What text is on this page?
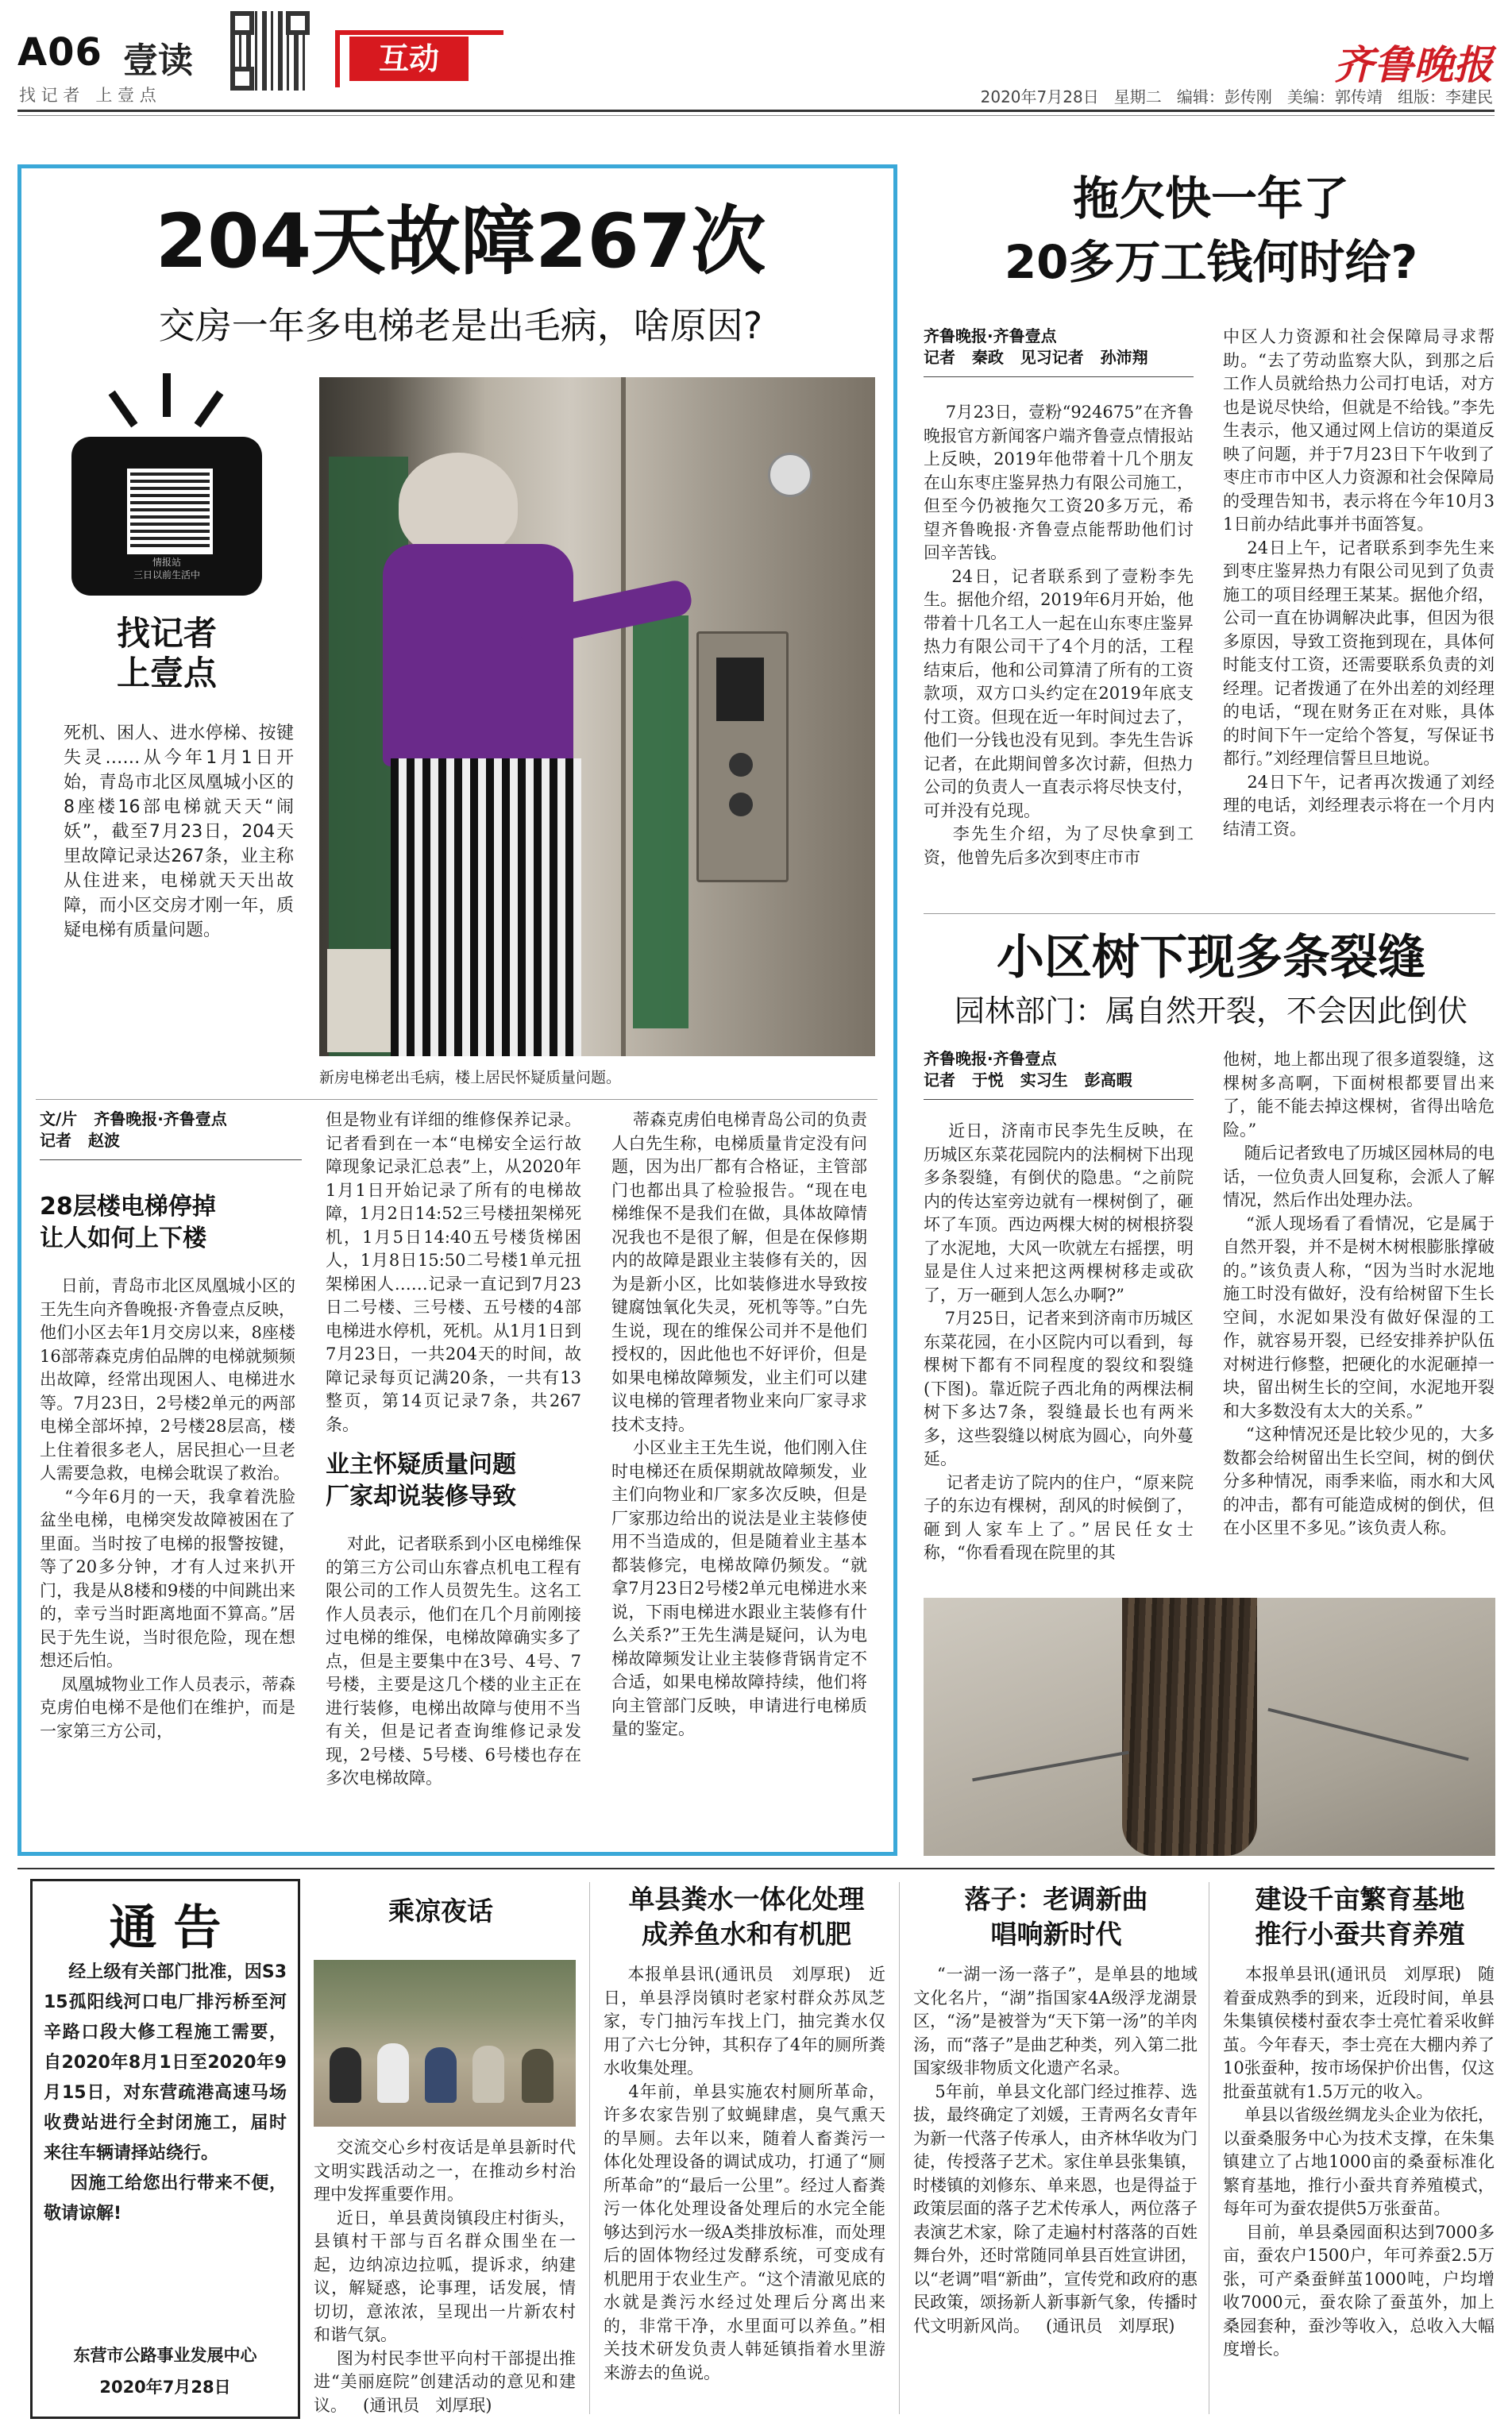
A06 壹读
找 记 者   上 壹 点
互动	齐鲁晚报
2020年7月28日   星期二   编辑：彭传刚   美编：郭传靖   组版：李建民
204天故障267次
交房一年多电梯老是出毛病，啥原因?
情报站
三日以前生活中
找记者
上壹点
死机、困人、进水停梯、按键失灵……从今年1月1日开始，青岛市北区凤凰城小区的8座楼16部电梯就天天“闹妖”，截至7月23日，204天里故障记录达267条，业主称从住进来，电梯就天天出故障，而小区交房才刚一年，质疑电梯有质量问题。
新房电梯老出毛病，楼上居民怀疑质量问题。
文/片   齐鲁晚报·齐鲁壹点
记者   赵波
28层楼电梯停掉
让人如何上下楼
日前，青岛市北区凤凰城小区的王先生向齐鲁晚报·齐鲁壹点反映，他们小区去年1月交房以来，8座楼16部蒂森克虏伯品牌的电梯就频频出故障，经常出现困人、电梯进水等。7月23日，2号楼2单元的两部电梯全部坏掉，2号楼28层高，楼上住着很多老人，居民担心一旦老人需要急救，电梯会耽误了救治。
“今年6月的一天，我拿着洗脸盆坐电梯，电梯突发故障被困在了里面。当时按了电梯的报警按键，等了20多分钟，才有人过来扒开门，我是从8楼和9楼的中间跳出来的，幸亏当时距离地面不算高。”居民于先生说，当时很危险，现在想想还后怕。
凤凰城物业工作人员表示，蒂森克虏伯电梯不是他们在维护，而是一家第三方公司，
但是物业有详细的维修保养记录。记者看到在一本“电梯安全运行故障现象记录汇总表”上，从2020年1月1日开始记录了所有的电梯故障，1月2日14:52三号楼扭架梯死机，1月5日14:40五号楼货梯困人，1月8日15:50二号楼1单元扭架梯困人……记录一直记到7月23日二号楼、三号楼、五号楼的4部电梯进水停机，死机。从1月1日到7月23日，一共204天的时间，故障记录每页记满20条，一共有13整页，第14页记录7条，共267条。
业主怀疑质量问题
厂家却说装修导致
对此，记者联系到小区电梯维保的第三方公司山东睿点机电工程有限公司的工作人员贺先生。这名工作人员表示，他们在几个月前刚接过电梯的维保，电梯故障确实多了点，但是主要集中在3号、4号、7号楼，主要是这几个楼的业主正在进行装修，电梯出故障与使用不当有关，但是记者查询维修记录发现，2号楼、5号楼、6号楼也存在多次电梯故障。
蒂森克虏伯电梯青岛公司的负责人白先生称，电梯质量肯定没有问题，因为出厂都有合格证，主管部门也都出具了检验报告。“现在电梯维保不是我们在做，具体故障情况我也不是很了解，但是在保修期内的故障是跟业主装修有关的，因为是新小区，比如装修进水导致按键腐蚀氧化失灵，死机等等。”白先生说，现在的维保公司并不是他们授权的，因此他也不好评价，但是如果电梯故障频发，业主们可以建议电梯的管理者物业来向厂家寻求技术支持。
小区业主王先生说，他们刚入住时电梯还在质保期就故障频发，业主们向物业和厂家多次反映，但是厂家那边给出的说法是业主装修使用不当造成的，但是随着业主基本都装修完，电梯故障仍频发。“就拿7月23日2号楼2单元电梯进水来说，下雨电梯进水跟业主装修有什么关系?”王先生满是疑问，认为电梯故障频发让业主装修背锅肯定不合适，如果电梯故障持续，他们将向主管部门反映，申请进行电梯质量的鉴定。
拖欠快一年了
20多万工钱何时给?
齐鲁晚报·齐鲁壹点
记者   秦政   见习记者   孙沛翔
7月23日，壹粉“924675”在齐鲁晚报官方新闻客户端齐鲁壹点情报站上反映，2019年他带着十几个朋友在山东枣庄鉴昇热力有限公司施工，但至今仍被拖欠工资20多万元，希望齐鲁晚报·齐鲁壹点能帮助他们讨回辛苦钱。
24日，记者联系到了壹粉李先生。据他介绍，2019年6月开始，他带着十几名工人一起在山东枣庄鉴昇热力有限公司干了4个月的活，工程结束后，他和公司算清了所有的工资款项，双方口头约定在2019年底支付工资。但现在近一年时间过去了，他们一分钱也没有见到。李先生告诉记者，在此期间曾多次讨薪，但热力公司的负责人一直表示将尽快支付，可并没有兑现。
李先生介绍，为了尽快拿到工资，他曾先后多次到枣庄市市
中区人力资源和社会保障局寻求帮助。“去了劳动监察大队，到那之后工作人员就给热力公司打电话，对方也是说尽快给，但就是不给钱。”李先生表示，他又通过网上信访的渠道反映了问题，并于7月23日下午收到了枣庄市市中区人力资源和社会保障局的受理告知书，表示将在今年10月31日前办结此事并书面答复。
24日上午，记者联系到李先生来到枣庄鉴昇热力有限公司见到了负责施工的项目经理王某某。据他介绍，公司一直在协调解决此事，但因为很多原因，导致工资拖到现在，具体何时能支付工资，还需要联系负责的刘经理。记者拨通了在外出差的刘经理的电话，“现在财务正在对账，具体的时间下午一定给个答复，写保证书都行。”刘经理信誓旦旦地说。
24日下午，记者再次拨通了刘经理的电话，刘经理表示将在一个月内结清工资。
小区树下现多条裂缝
园林部门：属自然开裂，不会因此倒伏
齐鲁晚报·齐鲁壹点
记者   于悦   实习生   彭高暇
近日，济南市民李先生反映，在历城区东菜花园院内的法桐树下出现多条裂缝，有倒伏的隐患。“之前院内的传达室旁边就有一棵树倒了，砸坏了车顶。西边两棵大树的树根挤裂了水泥地，大风一吹就左右摇摆，明显是住人过来把这两棵树移走或砍了，万一砸到人怎么办啊?”
7月25日，记者来到济南市历城区东菜花园，在小区院内可以看到，每棵树下都有不同程度的裂纹和裂缝(下图)。靠近院子西北角的两棵法桐树下多达7条，裂缝最长也有两米多，这些裂缝以树底为圆心，向外蔓延。
记者走访了院内的住户，“原来院子的东边有棵树，刮风的时候倒了，砸到人家车上了。”居民任女士称，“你看看现在院里的其
他树，地上都出现了很多道裂缝，这棵树多高啊，下面树根都要冒出来了，能不能去掉这棵树，省得出啥危险。”
随后记者致电了历城区园林局的电话，一位负责人回复称，会派人了解情况，然后作出处理办法。
“派人现场看了看情况，它是属于自然开裂，并不是树木树根膨胀撑破的。”该负责人称，“因为当时水泥地施工时没有做好，没有给树留下生长空间，水泥如果没有做好保湿的工作，就容易开裂，已经安排养护队伍对树进行修整，把硬化的水泥砸掉一块，留出树生长的空间，水泥地开裂和大多数没有太大的关系。”
“这种情况还是比较少见的，大多数都会给树留出生长空间，树的倒伏分多种情况，雨季来临，雨水和大风的冲击，都有可能造成树的倒伏，但在小区里不多见。”该负责人称。
通 告
经上级有关部门批准，因S315孤阳线河口电厂排污桥至河辛路口段大修工程施工需要，自2020年8月1日至2020年9月15日，对东营疏港高速马场收费站进行全封闭施工，届时来往车辆请择站绕行。
因施工给您出行带来不便，敬请谅解!
东营市公路事业发展中心
2020年7月28日
乘凉夜话
交流交心乡村夜话是单县新时代文明实践活动之一，在推动乡村治理中发挥重要作用。
近日，单县黄岗镇段庄村街头，县镇村干部与百名群众围坐在一起，边纳凉边拉呱，提诉求，纳建议，解疑惑，论事理，话发展，情切切，意浓浓，呈现出一片新农村和谐气氛。
图为村民李世平向村干部提出推进“美丽庭院”创建活动的意见和建议。   (通讯员   刘厚珉)
单县粪水一体化处理
成养鱼水和有机肥
本报单县讯(通讯员   刘厚珉)   近日，单县浮岗镇时老家村群众苏凤芝家，专门抽污车找上门，抽完粪水仅用了六七分钟，其积存了4年的厕所粪水收集处理。
4年前，单县实施农村厕所革命，许多农家告别了蚊蝇肆虐，臭气熏天的旱厕。去年以来，随着人畜粪污一体化处理设备的调试成功，打通了“厕所革命”的“最后一公里”。经过人畜粪污一体化处理设备处理后的水完全能够达到污水一级A类排放标准，而处理后的固体物经过发酵系统，可变成有机肥用于农业生产。“这个清澈见底的水就是粪污水经过处理后分离出来的，非常干净，水里面可以养鱼。”相关技术研发负责人韩延镇指着水里游来游去的鱼说。
落子：老调新曲
唱响新时代
“一湖一汤一落子”，是单县的地域文化名片，“湖”指国家4A级浮龙湖景区，“汤”是被誉为“天下第一汤”的羊肉汤，而“落子”是曲艺种类，列入第二批国家级非物质文化遗产名录。
5年前，单县文化部门经过推荐、选拔，最终确定了刘媛，王青两名女青年为新一代落子传承人，由齐林华收为门徒，传授落子艺术。家住单县张集镇，时楼镇的刘修东、单来恩，也是得益于政策层面的落子艺术传承人，两位落子表演艺术家，除了走遍村村落落的百姓舞台外，还时常随同单县百姓宣讲团，以“老调”唱“新曲”，宣传党和政府的惠民政策，颂扬新人新事新气象，传播时代文明新风尚。   (通讯员   刘厚珉)
建设千亩繁育基地
推行小蚕共育养殖
本报单县讯(通讯员   刘厚珉)   随着蚕成熟季的到来，近段时间，单县朱集镇侯楼村蚕农李士亮忙着采收鲜茧。今年春天，李士亮在大棚内养了10张蚕种，按市场保护价出售，仅这批蚕茧就有1.5万元的收入。
单县以省级丝绸龙头企业为依托，以蚕桑服务中心为技术支撑，在朱集镇建立了占地1000亩的桑蚕标准化繁育基地，推行小蚕共育养殖模式，每年可为蚕农提供5万张蚕苗。
目前，单县桑园面积达到7000多亩，蚕农户1500户，年可养蚕2.5万张，可产桑蚕鲜茧1000吨，户均增收7000元，蚕农除了蚕茧外，加上桑园套种，蚕沙等收入，总收入大幅度增长。
